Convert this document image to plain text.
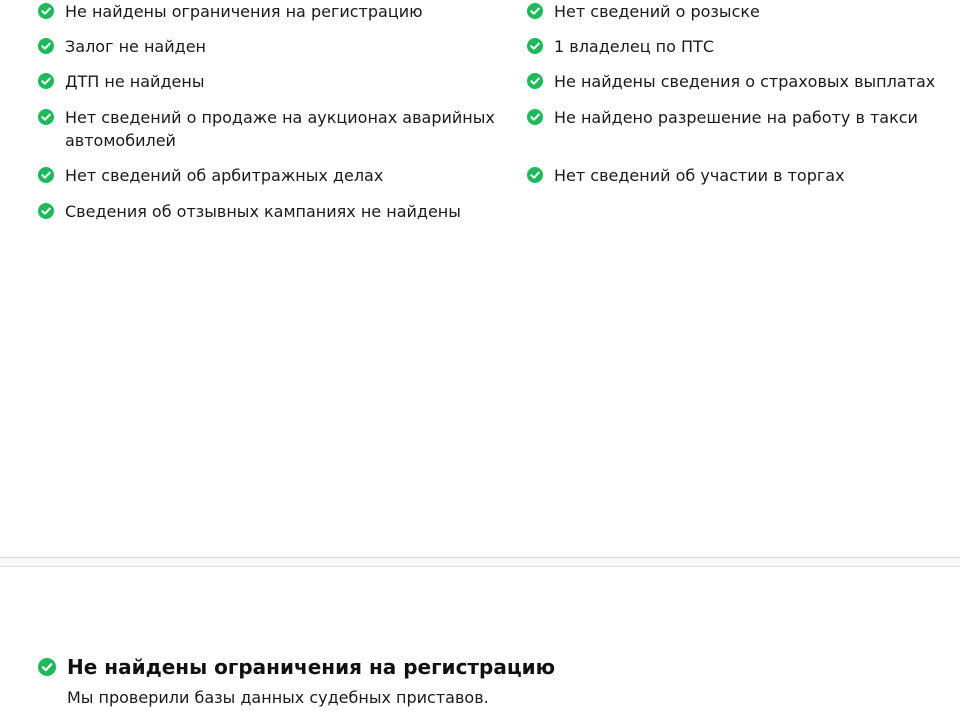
Не найдены ограничения на регистрацию
Залог не найден
ДТП не найдены
Нет сведений о продаже на аукционах аварийных автомобилей
Нет сведений об арбитражных делах
Сведения об отзывных кампаниях не найдены
Нет сведений о розыске
1 владелец по ПТС
Не найдены сведения о страховых выплатах
Не найдено разрешение на работу в такси
Нет сведений об участии в торгах
Не найдены ограничения на регистрацию
Мы проверили базы данных судебных приставов.
